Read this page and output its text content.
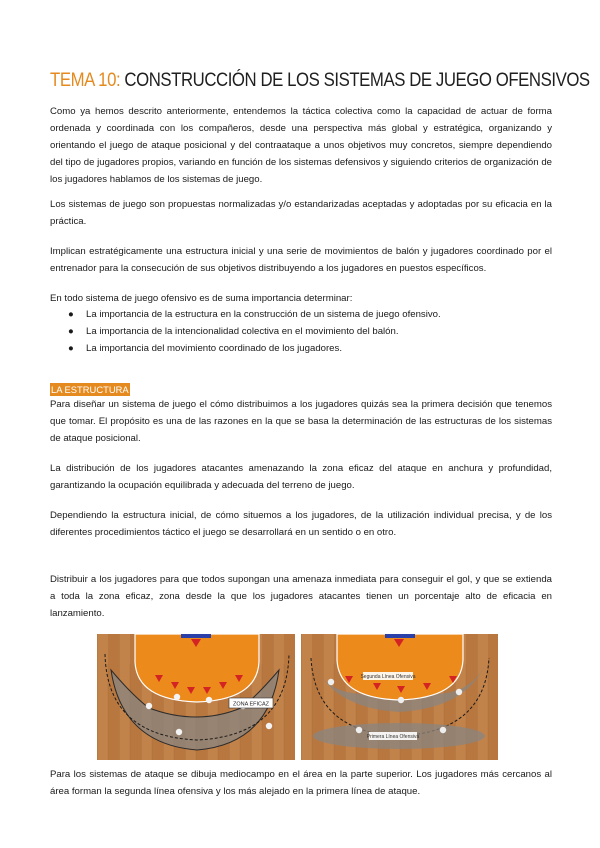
TEMA 10: CONSTRUCCIÓN DE LOS SISTEMAS DE JUEGO OFENSIVOS

Como ya hemos descrito anteriormente, entendemos la táctica colectiva como la capacidad de actuar de forma ordenada y coordinada con los compañeros, desde una perspectiva más global y estratégica, organizando y orientando el juego de ataque posicional y del contraataque a unos objetivos muy concretos, siempre dependiendo del tipo de jugadores propios, variando en función de los sistemas defensivos y siguiendo criterios de organización de los jugadores hablamos de los sistemas de juego.

Los sistemas de juego son propuestas normalizadas y/o estandarizadas aceptadas y adoptadas por su eficacia en la práctica.

Implican estratégicamente una estructura inicial y una serie de movimientos de balón y jugadores coordinado por el entrenador para la consecución de sus objetivos distribuyendo a los jugadores en puestos específicos.

En todo sistema de juego ofensivo es de suma importancia determinar:

● La importancia de la estructura en la construcción de un sistema de juego ofensivo.
● La importancia de la intencionalidad colectiva en el movimiento del balón.
● La importancia del movimiento coordinado de los jugadores.
LA ESTRUCTURA

Para diseñar un sistema de juego el cómo distribuimos a los jugadores quizás sea la primera decisión que tenemos que tomar. El propósito es una de las razones en la que se basa la determinación de las estructuras de los sistemas de ataque posicional.

La distribución de los jugadores atacantes amenazando la zona eficaz del ataque en anchura y profundidad, garantizando la ocupación equilibrada y adecuada del terreno de juego.

Dependiendo la estructura inicial, de cómo situemos a los jugadores, de la utilización individual precisa, y de los diferentes procedimientos táctico el juego se desarrollará en un sentido o en otro.

Distribuir a los jugadores para que todos supongan una amenaza inmediata para conseguir el gol, y que se extienda a toda la zona eficaz, zona desde la que los jugadores atacantes tienen un porcentaje alto de eficacia en lanzamiento.

ZONA EFICAZ
Segunda Línea Ofensiva
Primera Línea Ofensiva

Para los sistemas de ataque se dibuja mediocampo en el área en la parte superior. Los jugadores más cercanos al área forman la segunda línea ofensiva y los más alejado en la primera línea de ataque.
